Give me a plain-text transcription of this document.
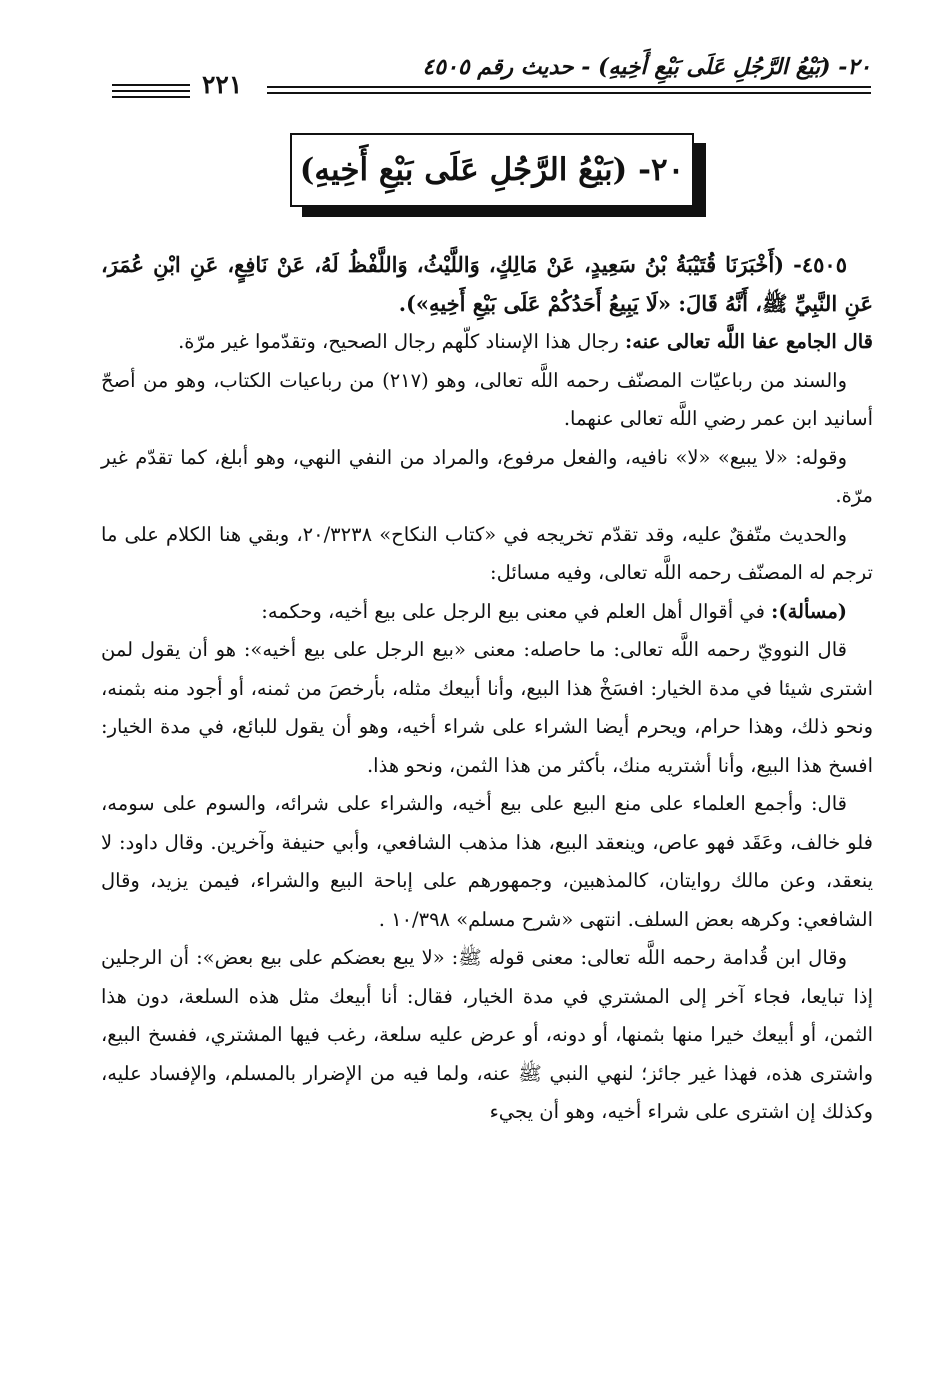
٢٠- (بَيْعُ الرَّجُلِ عَلَى بَيْعِ أَخِيهِ) - حديث رقم ٤٥٠٥
٢٢١
٢٠- (بَيْعُ الرَّجُلِ عَلَى بَيْعِ أَخِيهِ)

٤٥٠٥- (أَخْبَرَنَا قُتَيْبَةُ بْنُ سَعِيدٍ، عَنْ مَالِكٍ، وَاللَّيْثُ، وَاللَّفْظُ لَهُ، عَنْ نَافِعٍ، عَنِ ابْنِ عُمَرَ، عَنِ النَّبِيِّ ﷺ، أَنَّهُ قَالَ: «لَا يَبِيعُ أَحَدُكُمْ عَلَى بَيْعِ أَخِيهِ»).

قال الجامع عفا اللَّه تعالى عنه: رجال هذا الإسناد كلّهم رجال الصحيح، وتقدّموا غير مرّة.

والسند من رباعيّات المصنّف رحمه اللَّه تعالى، وهو (٢١٧) من رباعيات الكتاب، وهو من أصحّ أسانيد ابن عمر رضي اللَّه تعالى عنهما.

وقوله: «لا يبيع» «لا» نافيه، والفعل مرفوع، والمراد من النفي النهي، وهو أبلغ، كما تقدّم غير مرّة.

والحديث متّفقٌ عليه، وقد تقدّم تخريجه في «كتاب النكاح» ٢٠/٣٢٣٨، وبقي هنا الكلام على ما ترجم له المصنّف رحمه اللَّه تعالى، وفيه مسائل:

(مسألة): في أقوال أهل العلم في معنى بيع الرجل على بيع أخيه، وحكمه:

قال النوويّ رحمه اللَّه تعالى: ما حاصله: معنى «بيع الرجل على بيع أخيه»: هو أن يقول لمن اشترى شيئا في مدة الخيار: افسَخْ هذا البيع، وأنا أبيعك مثله، بأرخصَ من ثمنه، أو أجود منه بثمنه، ونحو ذلك، وهذا حرام، ويحرم أيضا الشراء على شراء أخيه، وهو أن يقول للبائع، في مدة الخيار: افسخ هذا البيع، وأنا أشتريه منك، بأكثر من هذا الثمن، ونحو هذا.

قال: وأجمع العلماء على منع البيع على بيع أخيه، والشراء على شرائه، والسوم على سومه، فلو خالف، وعَقَد فهو عاص، وينعقد البيع، هذا مذهب الشافعي، وأبي حنيفة وآخرين. وقال داود: لا ينعقد، وعن مالك روايتان، كالمذهبين، وجمهورهم على إباحة البيع والشراء، فيمن يزيد، وقال الشافعي: وكرهه بعض السلف. انتهى «شرح مسلم» ١٠/٣٩٨ .

وقال ابن قُدامة رحمه اللَّه تعالى: معنى قوله ﷺ: «لا يبع بعضكم على بيع بعض»: أن الرجلين إذا تبايعا، فجاء آخر إلى المشتري في مدة الخيار، فقال: أنا أبيعك مثل هذه السلعة، دون هذا الثمن، أو أبيعك خيرا منها بثمنها، أو دونه، أو عرض عليه سلعة، رغب فيها المشتري، ففسخ البيع، واشترى هذه، فهذا غير جائز؛ لنهي النبي ﷺ عنه، ولما فيه من الإضرار بالمسلم، والإفساد عليه، وكذلك إن اشترى على شراء أخيه، وهو أن يجيء
